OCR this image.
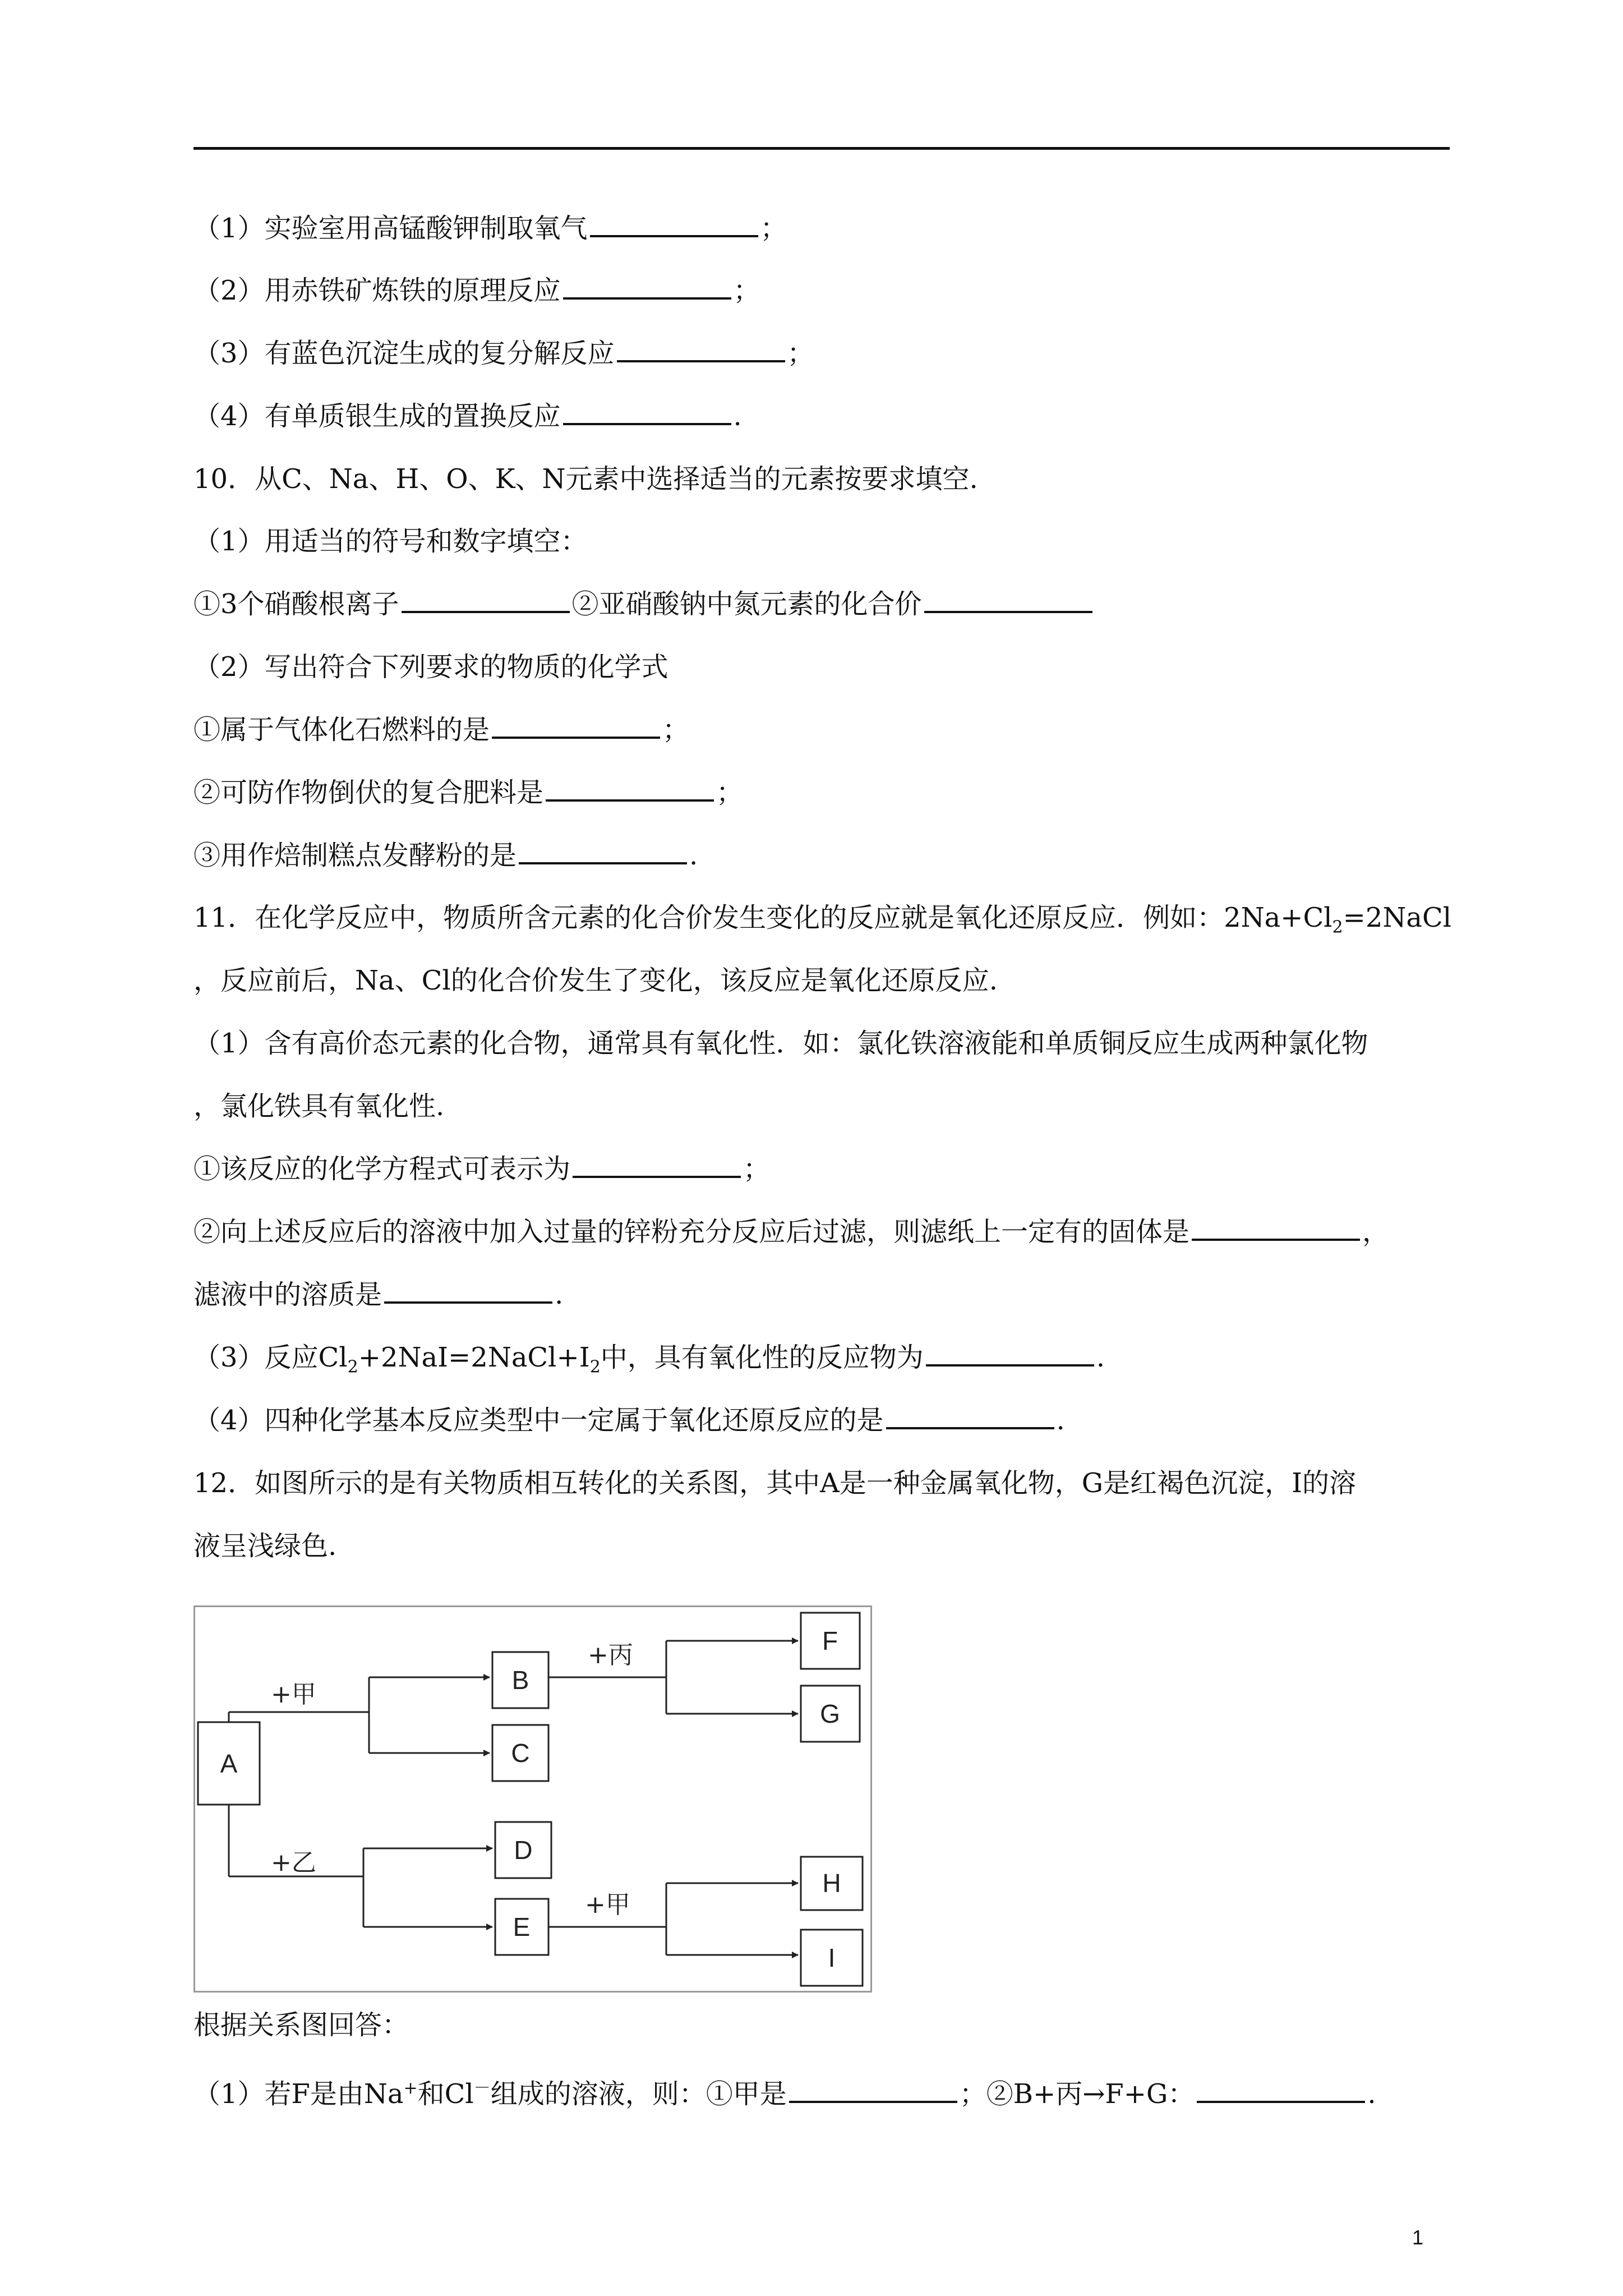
（1）实验室用高锰酸钾制取氧气	；
（2）用赤铁矿炼铁的原理反应	；
（3）有蓝色沉淀生成的复分解反应	；
（4）有单质银生成的置换反应	.
10．从C、Na、H、O、K、N元素中选择适当的元素按要求填空.
（1）用适当的符号和数字填空：
①3个硝酸根离子	②亚硝酸钠中氮元素的化合价
（2）写出符合下列要求的物质的化学式
①属于气体化石燃料的是	；
②可防作物倒伏的复合肥料是	；
③用作焙制糕点发酵粉的是	.
11．在化学反应中，物质所含元素的化合价发生变化的反应就是氧化还原反应．例如：$2Na+Cl_2=2NaCl$
，反应前后，Na、Cl的化合价发生了变化，该反应是氧化还原反应.
（1）含有高价态元素的化合物，通常具有氧化性．如：氯化铁溶液能和单质铜反应生成两种氯化物
，氯化铁具有氧化性.
①该反应的化学方程式可表示为	；
②向上述反应后的溶液中加入过量的锌粉充分反应后过滤，则滤纸上一定有的固体是	，
滤液中的溶质是	.
（3）反应$Cl_2+2NaI=2NaCl+I_2$中，具有氧化性的反应物为	.
（4）四种化学基本反应类型中一定属于氧化还原反应的是	.
12．如图所示的是有关物质相互转化的关系图，其中A是一种金属氧化物，G是红褐色沉淀，I的溶
液呈浅绿色.
A
B
C
D
E
F
G
H
I
+甲
+丙
+乙
+甲
根据关系图回答：
（1）若F是由Na+和Cl－组成的溶液，则：①甲是	；②B+丙→F+G：	.
1
